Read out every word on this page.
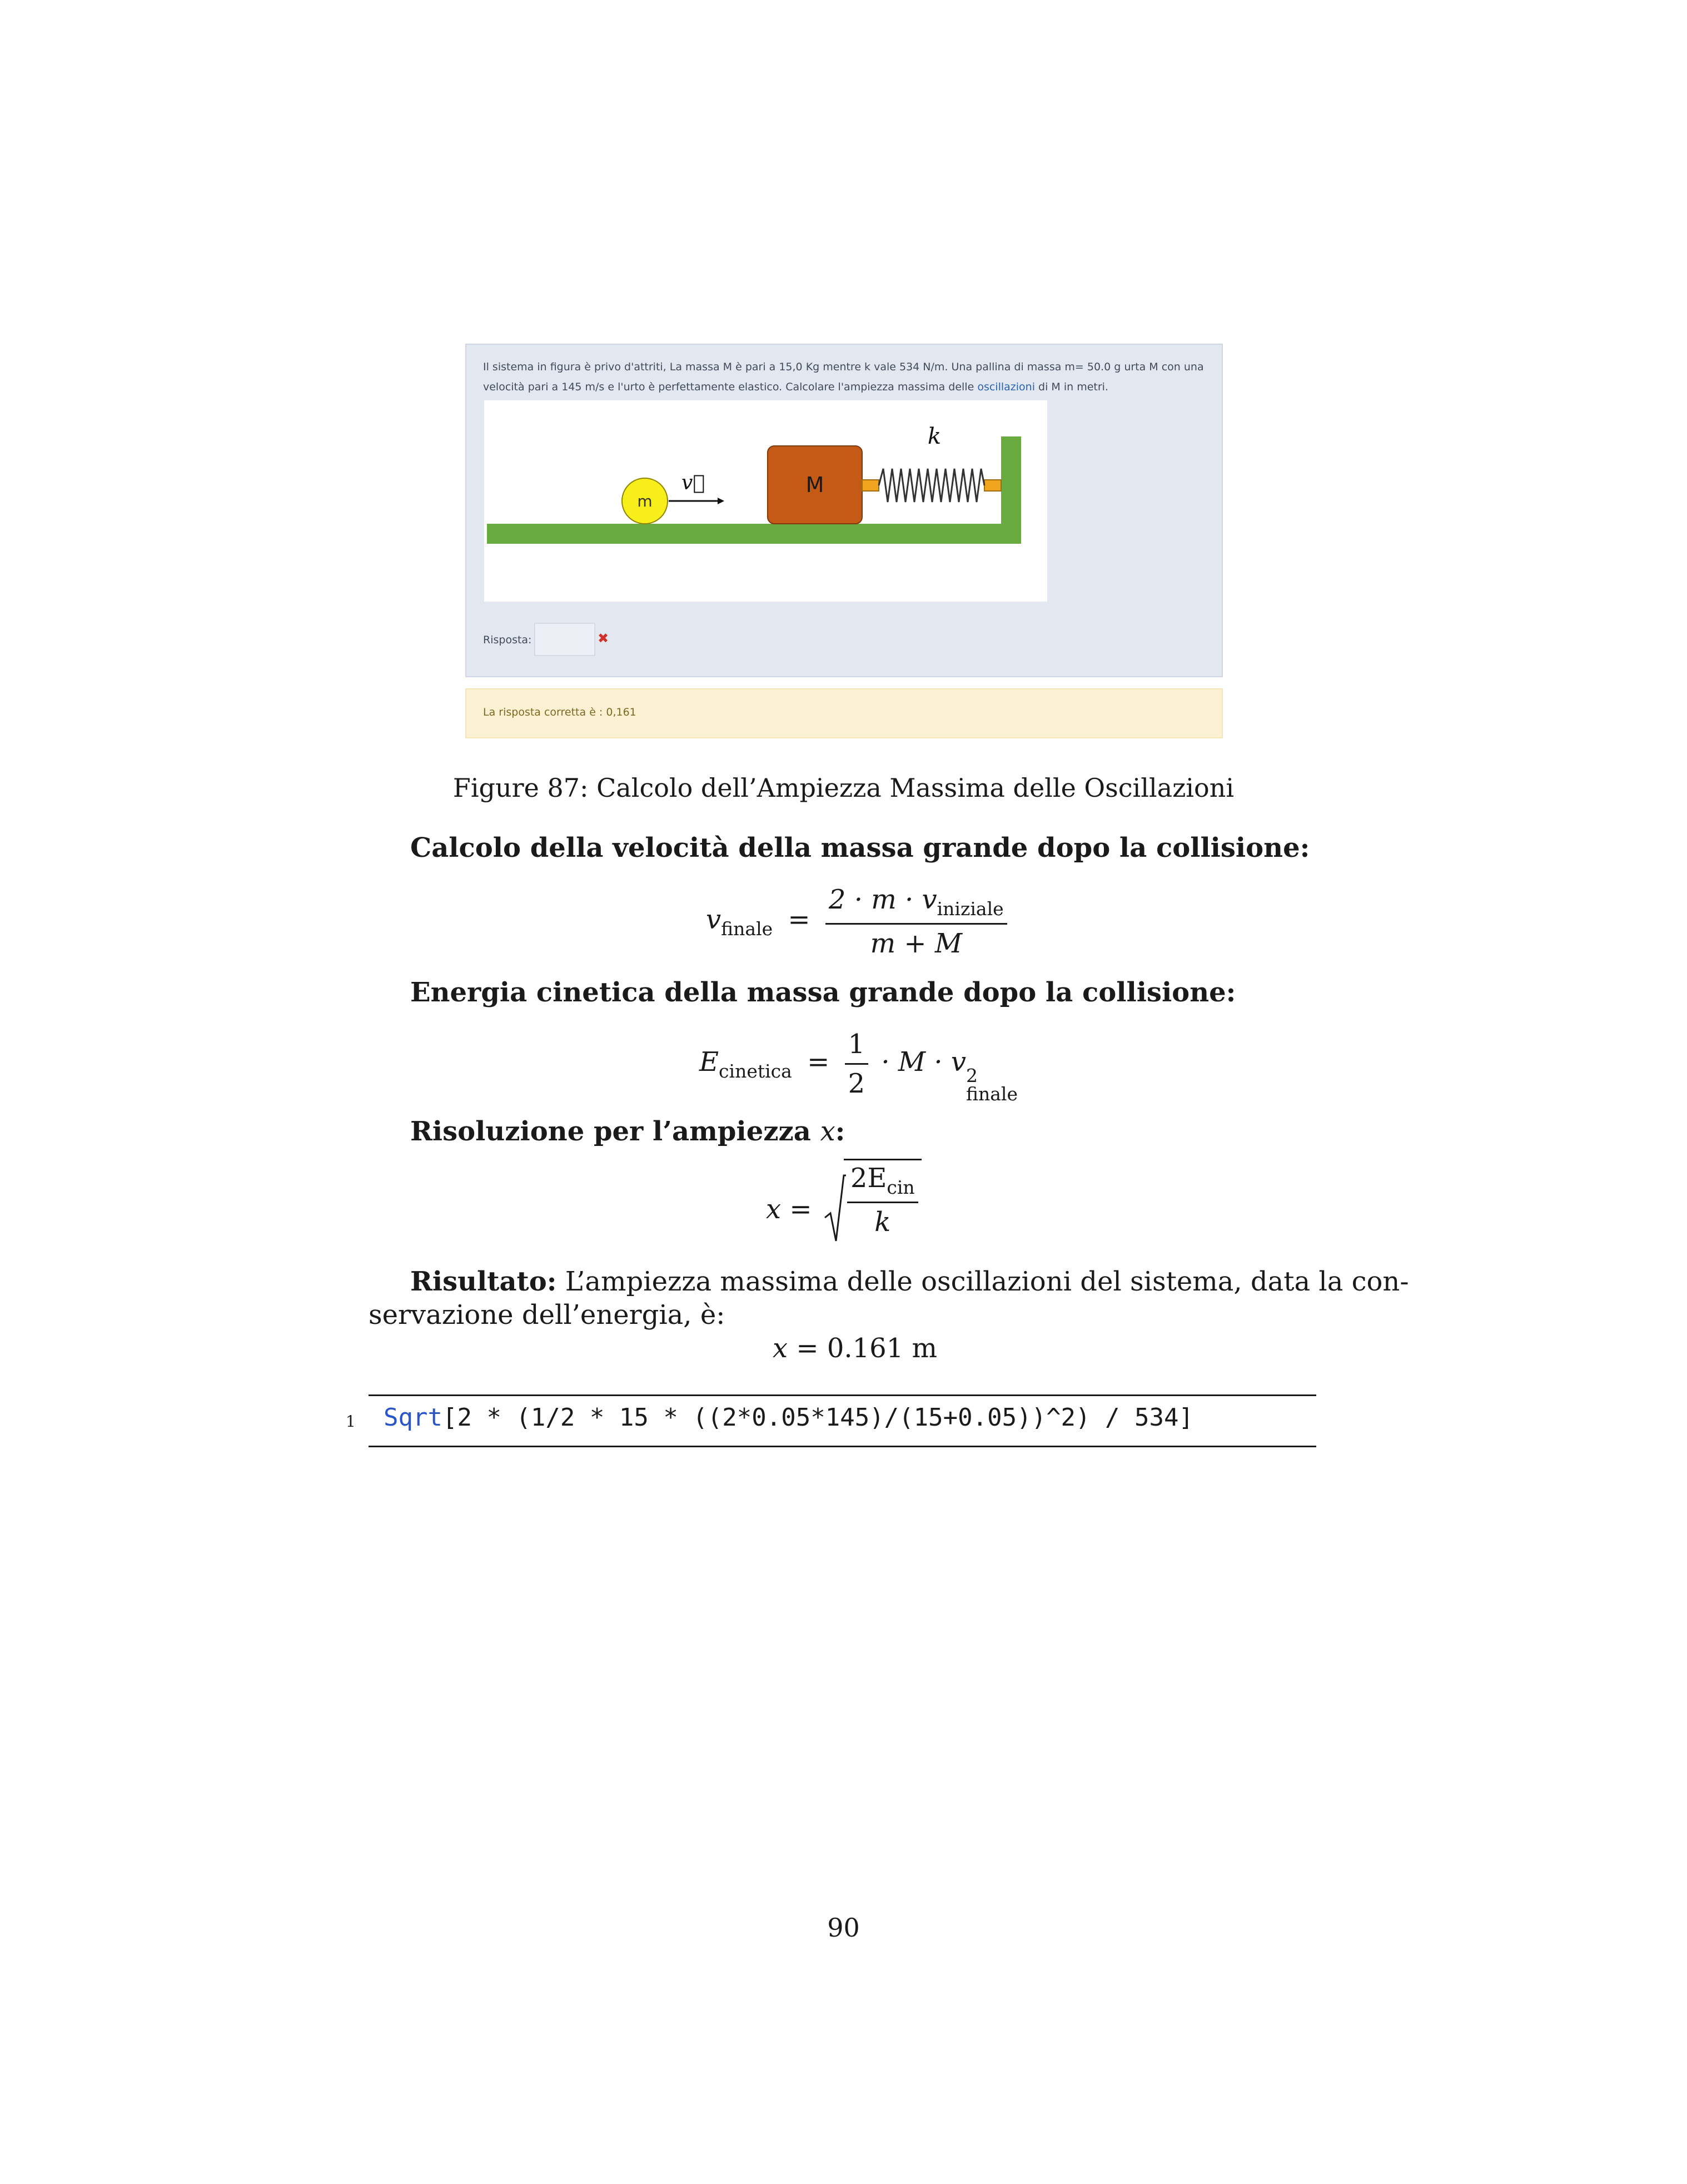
Il sistema in figura è privo d'attriti, La massa M è pari a 15,0 Kg mentre k vale 534 N/m. Una pallina di massa m= 50.0 g urta M con una velocità pari a 145 m/s e l'urto è perfettamente elastico. Calcolare l'ampiezza massima delle oscillazioni di M in metri.
m
v⃗	M
k
Risposta:	✖
La risposta corretta è : 0,161
Figure 87: Calcolo dell’Ampiezza Massima delle Oscillazioni
Calcolo della velocità della massa grande dopo la collisione:
$v_{finale} = \frac{2 \cdot m \cdot v_{iniziale}}{m + M}$
Energia cinetica della massa grande dopo la collisione:
$E_{cinetica} = \frac{1}{2} \cdot M \cdot v$ 2
finale
Risoluzione per l’ampiezza x:
$x = \frac{2E_{cin}}{k}$
Risultato: L’ampiezza massima delle oscillazioni del sistema, data la con-
servazione dell’energia, è:
x = 0.161 m
1 Sqrt[2 * (1/2 * 15 * ((2*0.05*145)/(15+0.05))^2) / 534]
90
